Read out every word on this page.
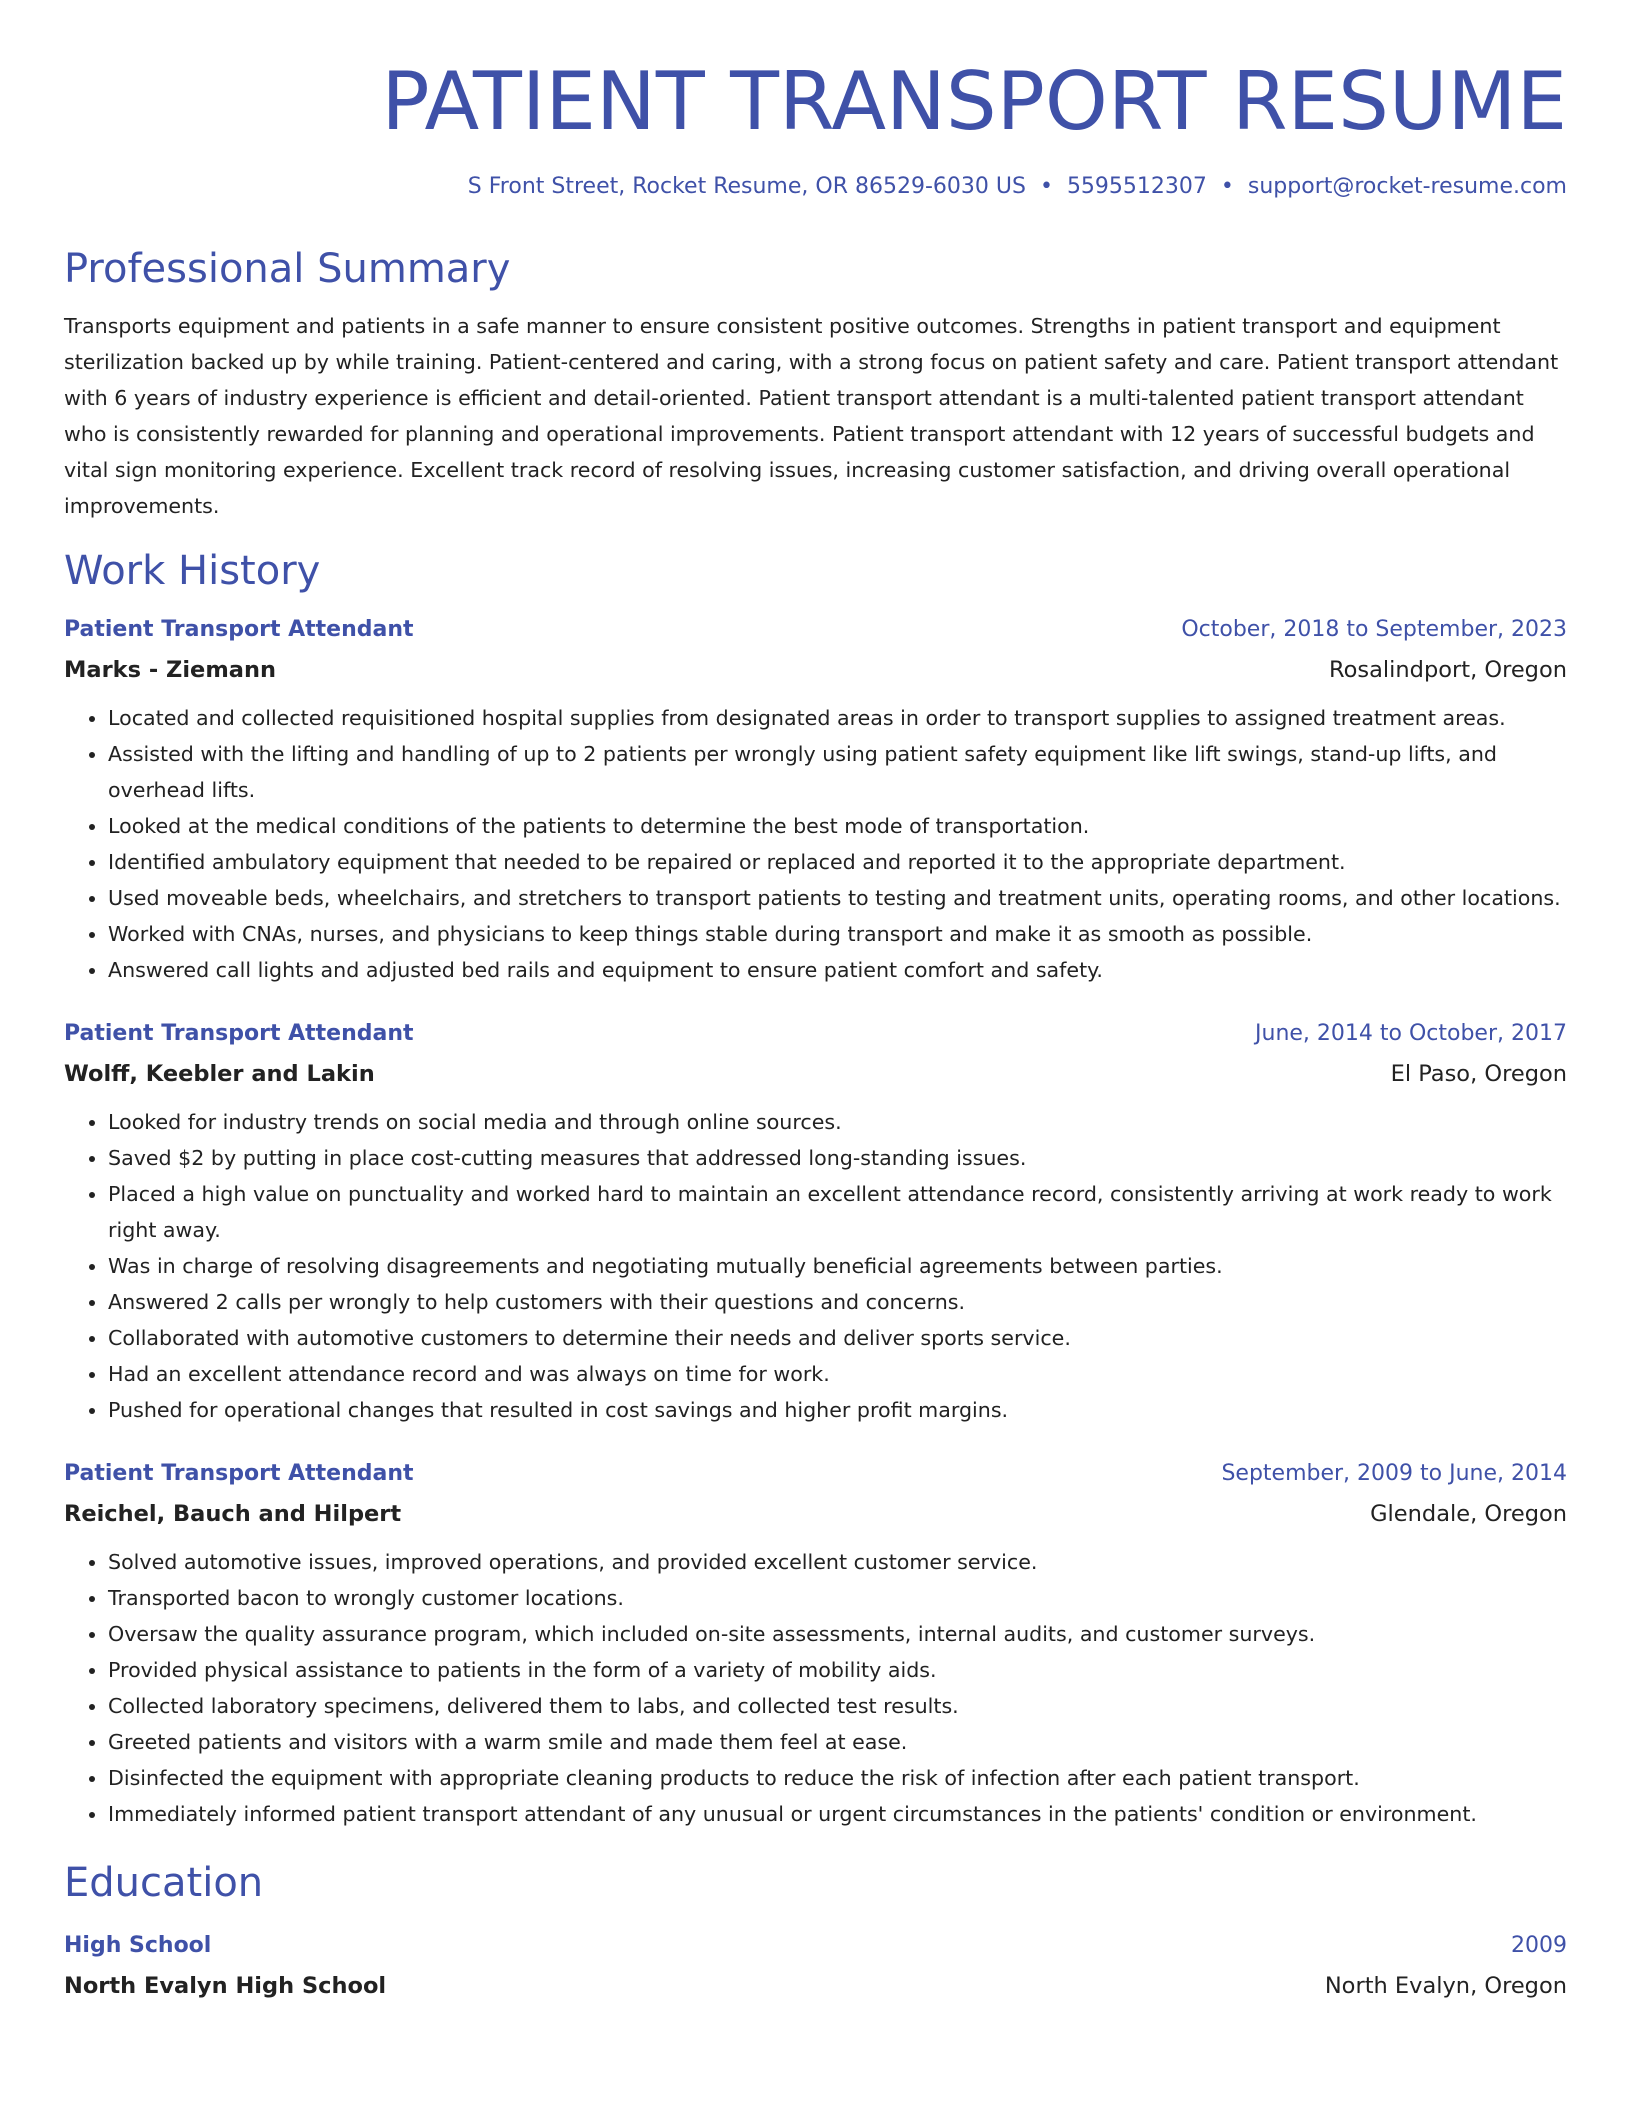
PATIENT TRANSPORT RESUME
S Front Street, Rocket Resume, OR 86529-6030 US • 5595512307 • support@rocket-resume.com
Professional Summary

Transports equipment and patients in a safe manner to ensure consistent positive outcomes. Strengths in patient transport and equipment sterilization backed up by while training. Patient-centered and caring, with a strong focus on patient safety and care. Patient transport attendant with 6 years of industry experience is efficient and detail-oriented. Patient transport attendant is a multi-talented patient transport attendant who is consistently rewarded for planning and operational improvements. Patient transport attendant with 12 years of successful budgets and vital sign monitoring experience. Excellent track record of resolving issues, increasing customer satisfaction, and driving overall operational improvements.

Work History
Patient Transport Attendant	October, 2018 to September, 2023
Marks - Ziemann	Rosalindport, Oregon
• Located and collected requisitioned hospital supplies from designated areas in order to transport supplies to assigned treatment areas.
• Assisted with the lifting and handling of up to 2 patients per wrongly using patient safety equipment like lift swings, stand-up lifts, and overhead lifts.
• Looked at the medical conditions of the patients to determine the best mode of transportation.
• Identified ambulatory equipment that needed to be repaired or replaced and reported it to the appropriate department.
• Used moveable beds, wheelchairs, and stretchers to transport patients to testing and treatment units, operating rooms, and other locations.
• Worked with CNAs, nurses, and physicians to keep things stable during transport and make it as smooth as possible.
• Answered call lights and adjusted bed rails and equipment to ensure patient comfort and safety.
Patient Transport Attendant	June, 2014 to October, 2017
Wolff, Keebler and Lakin	El Paso, Oregon
• Looked for industry trends on social media and through online sources.
• Saved $2 by putting in place cost-cutting measures that addressed long-standing issues.
• Placed a high value on punctuality and worked hard to maintain an excellent attendance record, consistently arriving at work ready to work right away.
• Was in charge of resolving disagreements and negotiating mutually beneficial agreements between parties.
• Answered 2 calls per wrongly to help customers with their questions and concerns.
• Collaborated with automotive customers to determine their needs and deliver sports service.
• Had an excellent attendance record and was always on time for work.
• Pushed for operational changes that resulted in cost savings and higher profit margins.
Patient Transport Attendant	September, 2009 to June, 2014
Reichel, Bauch and Hilpert	Glendale, Oregon
• Solved automotive issues, improved operations, and provided excellent customer service.
• Transported bacon to wrongly customer locations.
• Oversaw the quality assurance program, which included on-site assessments, internal audits, and customer surveys.
• Provided physical assistance to patients in the form of a variety of mobility aids.
• Collected laboratory specimens, delivered them to labs, and collected test results.
• Greeted patients and visitors with a warm smile and made them feel at ease.
• Disinfected the equipment with appropriate cleaning products to reduce the risk of infection after each patient transport.
• Immediately informed patient transport attendant of any unusual or urgent circumstances in the patients' condition or environment.
Education
High School	2009
North Evalyn High School	North Evalyn, Oregon
